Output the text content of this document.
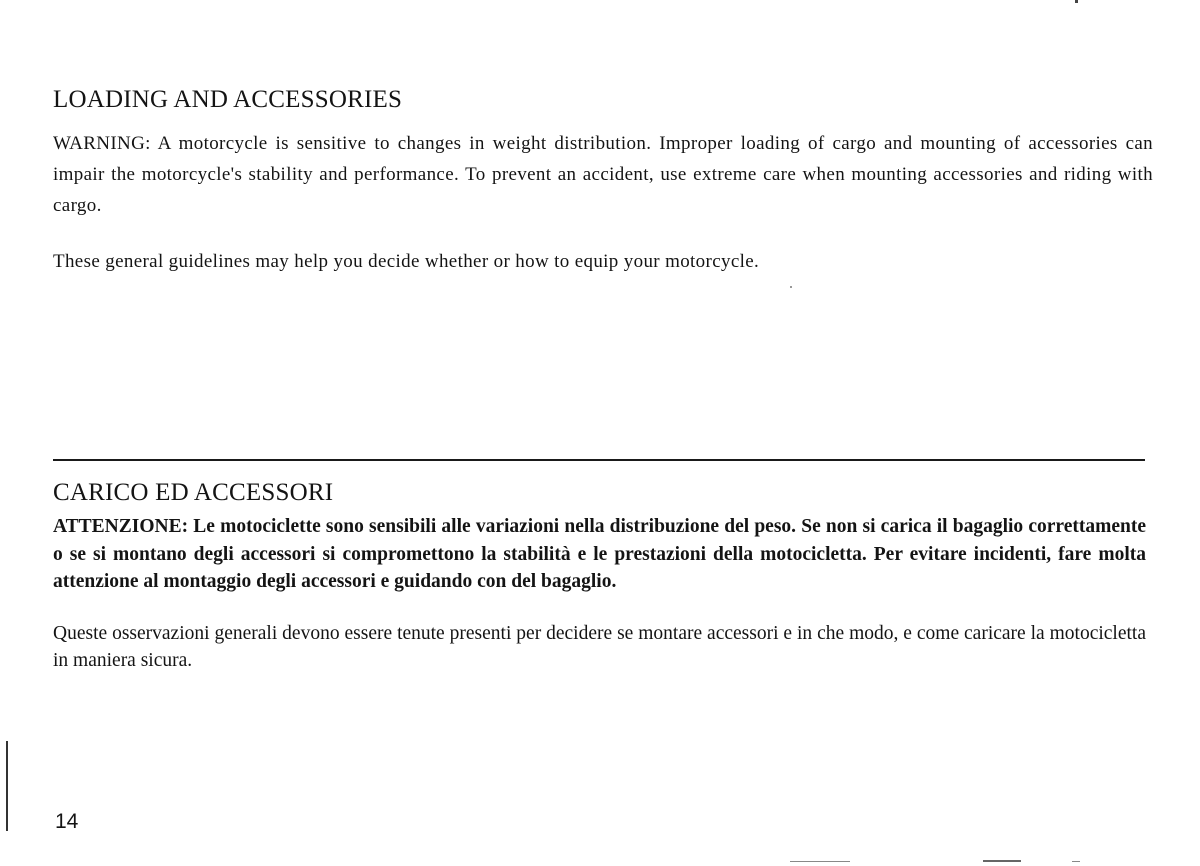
LOADING AND ACCESSORIES

WARNING: A motorcycle is sensitive to changes in weight distribution. Improper loading of cargo and mounting of accessories can impair the motorcycle's stability and performance. To prevent an accident, use extreme care when mounting accessories and riding with cargo.

These general guidelines may help you decide whether or how to equip your motorcycle.

CARICO ED ACCESSORI

ATTENZIONE: Le motociclette sono sensibili alle variazioni nella distribuzione del peso. Se non si carica il bagaglio correttamente o se si montano degli accessori si compromettono la stabilità e le prestazioni della motocicletta. Per evitare incidenti, fare molta attenzione al montaggio degli accessori e guidando con del bagaglio.

Queste osservazioni generali devono essere tenute presenti per decidere se montare accessori e in che modo, e come caricare la motocicletta in maniera sicura.

14
